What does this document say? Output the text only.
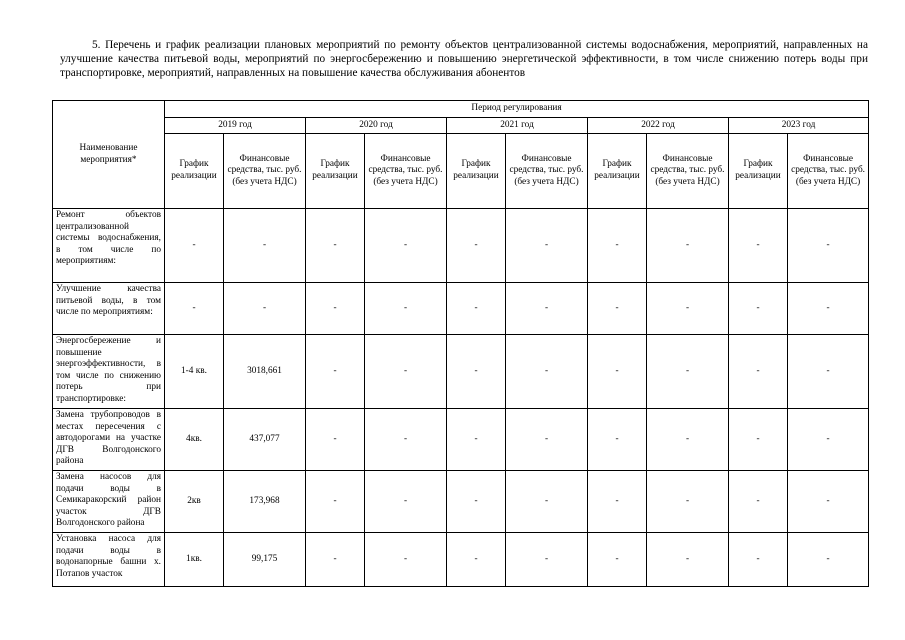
5. Перечень и график реализации плановых мероприятий по ремонту объектов централизованной системы водоснабжения, мероприятий, направленных на улучшение качества питьевой воды, мероприятий по энергосбережению и повышению энергетической эффективности, в том числе снижению потерь воды при транспортировке, мероприятий, направленных на повышение качества обслуживания абонентов
Наименование мероприятия*	Период регулирования									
	2019 год		2020 год		2021 год		2022 год		2023 год	
	График реализации	Финансовые средства, тыс. руб. (без учета НДС)	График реализации	Финансовые средства, тыс. руб. (без учета НДС)	График реализации	Финансовые средства, тыс. руб. (без учета НДС)	График реализации	Финансовые средства, тыс. руб. (без учета НДС)	График реализации	Финансовые средства, тыс. руб. (без учета НДС)

Ремонт объектов централизованной системы водоснабжения, в том числе по мероприятиям:	-	-	-	-	-	-	-	-	-	-

Улучшение качества питьевой воды, в том числе по мероприятиям:	-	-	-	-	-	-	-	-	-	-

Энергосбережение и повышение энергоэффективности, в том числе по снижению потерь при транспортировке:	1-4 кв.	3018,661	-	-	-	-	-	-	-	-

Замена трубопроводов в местах пересечения с автодорогами на участке ДГВ Волгодонского района	4кв.	437,077	-	-	-	-	-	-	-	-

Замена насосов для подачи воды в Семикаракорский район участок ДГВ Волгодонского района	2кв	173,968	-	-	-	-	-	-	-	-

Установка насоса для подачи воды в водонапорные башни х. Потапов участок	1кв.	99,175	-	-	-	-	-	-	-	-
